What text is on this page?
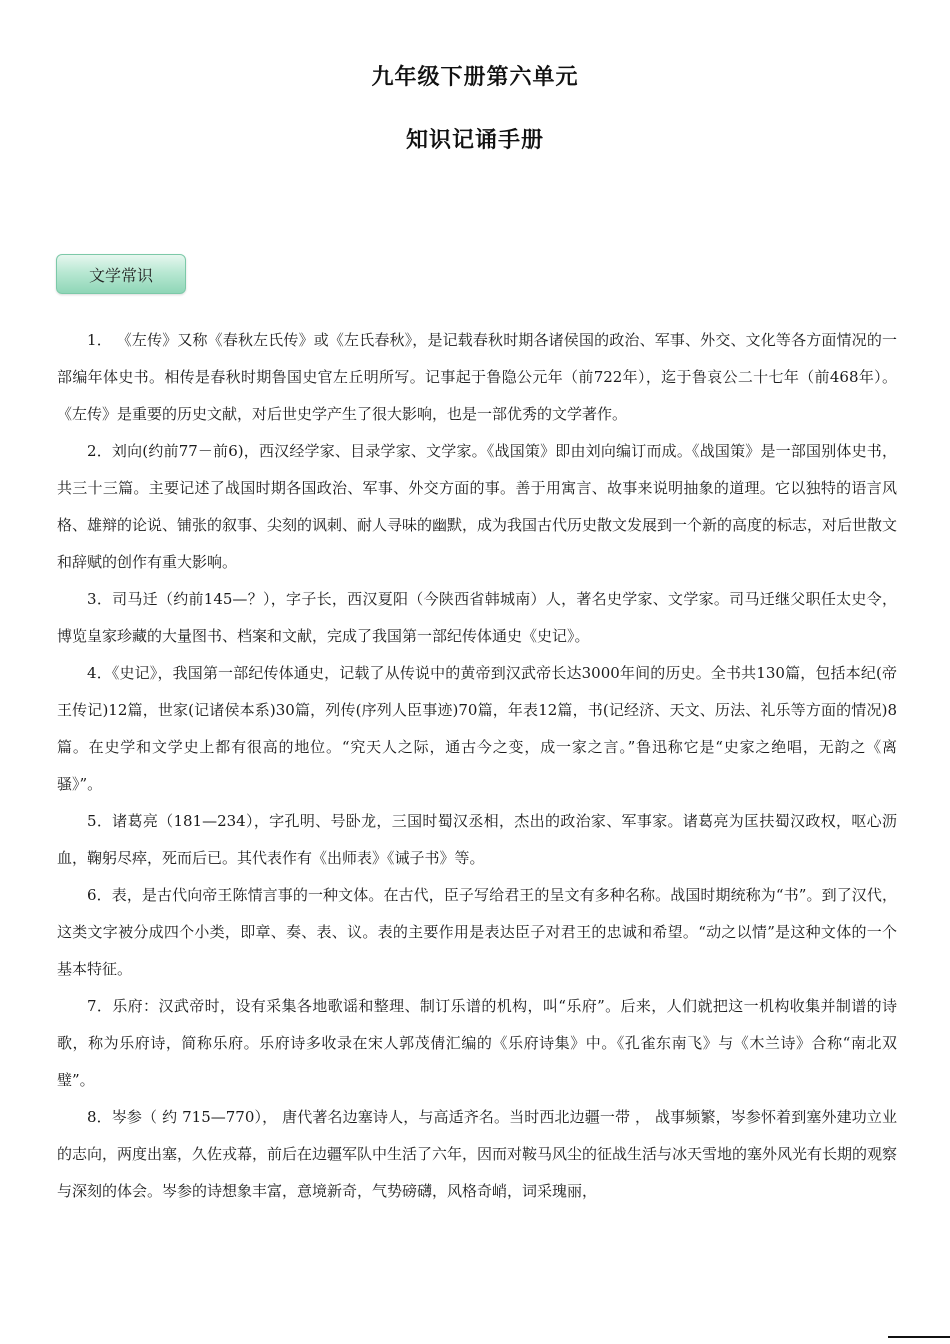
九年级下册第六单元
知识记诵手册
文学常识

1． 《左传》又称《春秋左氏传》或《左氏春秋》，是记载春秋时期各诸侯国的政治、军事、外交、文化等各方面情况的一部编年体史书。相传是春秋时期鲁国史官左丘明所写。记事起于鲁隐公元年（前722年），迄于鲁哀公二十七年（前468年）。《左传》是重要的历史文献，对后世史学产生了很大影响，也是一部优秀的文学著作。

2．刘向(约前77－前6)，西汉经学家、目录学家、文学家。《战国策》即由刘向编订而成。《战国策》是一部国别体史书，共三十三篇。主要记述了战国时期各国政治、军事、外交方面的事。善于用寓言、故事来说明抽象的道理。它以独特的语言风格、雄辩的论说、铺张的叙事、尖刻的讽刺、耐人寻味的幽默，成为我国古代历史散文发展到一个新的高度的标志，对后世散文和辞赋的创作有重大影响。

3．司马迁（约前145—？），字子长，西汉夏阳（今陕西省韩城南）人，著名史学家、文学家。司马迁继父职任太史令，博览皇家珍藏的大量图书、档案和文献，完成了我国第一部纪传体通史《史记》。

4．《史记》，我国第一部纪传体通史，记载了从传说中的黄帝到汉武帝长达3000年间的历史。全书共130篇，包括本纪(帝王传记)12篇，世家(记诸侯本系)30篇，列传(序列人臣事迹)70篇，年表12篇，书(记经济、天文、历法、礼乐等方面的情况)8篇。在史学和文学史上都有很高的地位。“究天人之际，通古今之变，成一家之言。”鲁迅称它是“史家之绝唱，无韵之《离骚》”。

5．诸葛亮（181—234），字孔明、号卧龙，三国时蜀汉丞相，杰出的政治家、军事家。诸葛亮为匡扶蜀汉政权，呕心沥血，鞠躬尽瘁，死而后已。其代表作有《出师表》《诫子书》等。

6．表，是古代向帝王陈情言事的一种文体。在古代，臣子写给君王的呈文有多种名称。战国时期统称为“书”。到了汉代，这类文字被分成四个小类，即章、奏、表、议。表的主要作用是表达臣子对君王的忠诚和希望。“动之以情”是这种文体的一个基本特征。

7．乐府：汉武帝时，设有采集各地歌谣和整理、制订乐谱的机构，叫“乐府”。后来，人们就把这一机构收集并制谱的诗歌，称为乐府诗，简称乐府。乐府诗多收录在宋人郭茂倩汇编的《乐府诗集》中。《孔雀东南飞》与《木兰诗》合称“南北双璧”。

8．岑参（ 约 715—770）， 唐代著名边塞诗人，与高适齐名。当时西北边疆一带 ， 战事频繁，岑参怀着到塞外建功立业的志向，两度出塞，久佐戎幕，前后在边疆军队中生活了六年，因而对鞍马风尘的征战生活与冰天雪地的塞外风光有长期的观察与深刻的体会。岑参的诗想象丰富，意境新奇，气势磅礴，风格奇峭，词采瑰丽，
